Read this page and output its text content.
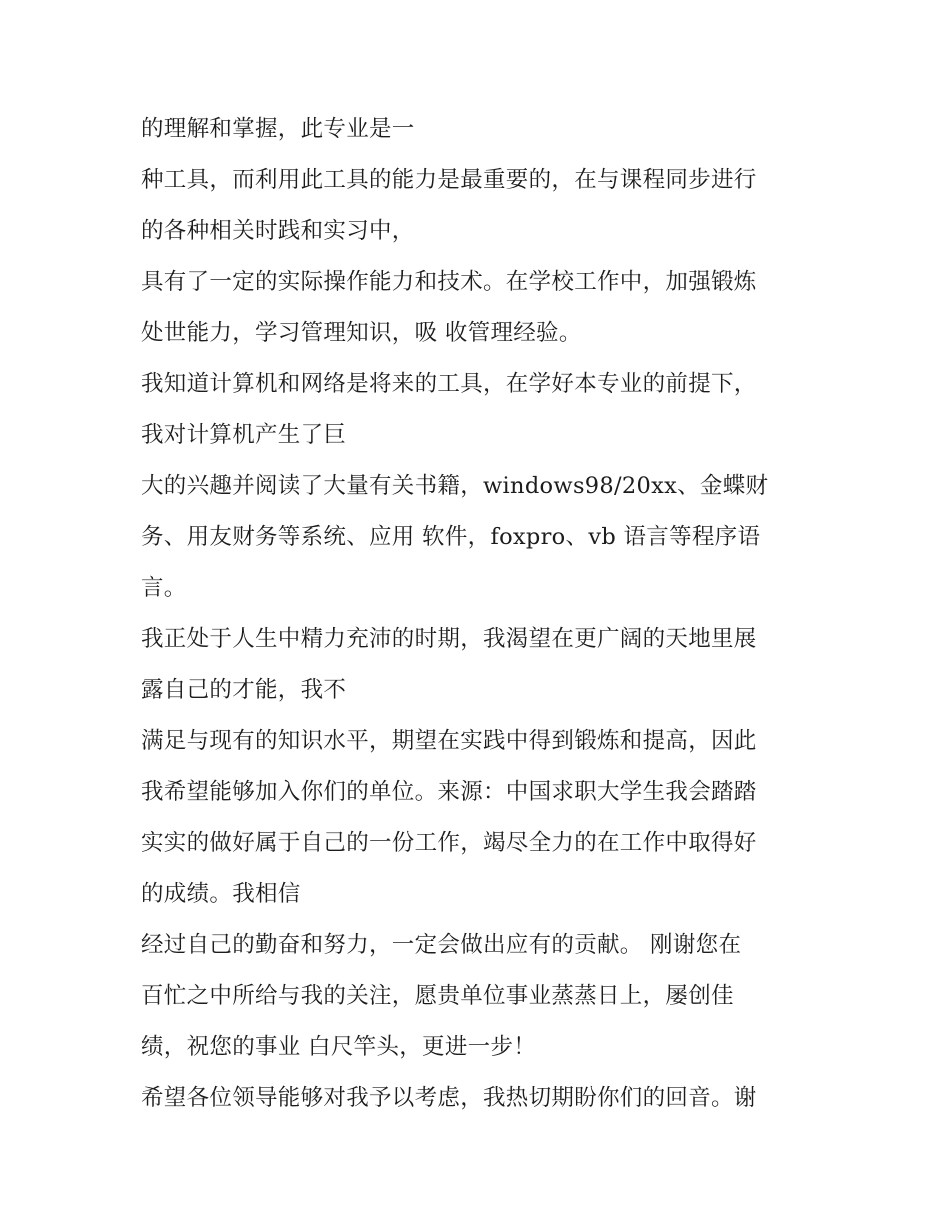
的理解和掌握，此专业是一
种工具，而利用此工具的能力是最重要的，在与课程同步进行
的各种相关时践和实习中，
具有了一定的实际操作能力和技术。在学校工作中，加强锻炼
处世能力，学习管理知识，吸 收管理经验。
我知道计算机和网络是将来的工具，在学好本专业的前提下，
我对计算机产生了巨
大的兴趣并阅读了大量有关书籍，windows98/20xx、金蝶财
务、用友财务等系统、应用 软件，foxpro、vb 语言等程序语
言。
我正处于人生中精力充沛的时期，我渴望在更广阔的天地里展
露自己的才能，我不
满足与现有的知识水平，期望在实践中得到锻炼和提高，因此
我希望能够加入你们的单位。来源：中国求职大学生我会踏踏
实实的做好属于自己的一份工作，竭尽全力的在工作中取得好
的成绩。我相信
经过自己的勤奋和努力，一定会做出应有的贡献。 刚谢您在
百忙之中所给与我的关注，愿贵单位事业蒸蒸日上，屡创佳
绩，祝您的事业 白尺竿头，更进一步！
希望各位领导能够对我予以考虑，我热切期盼你们的回音。谢
